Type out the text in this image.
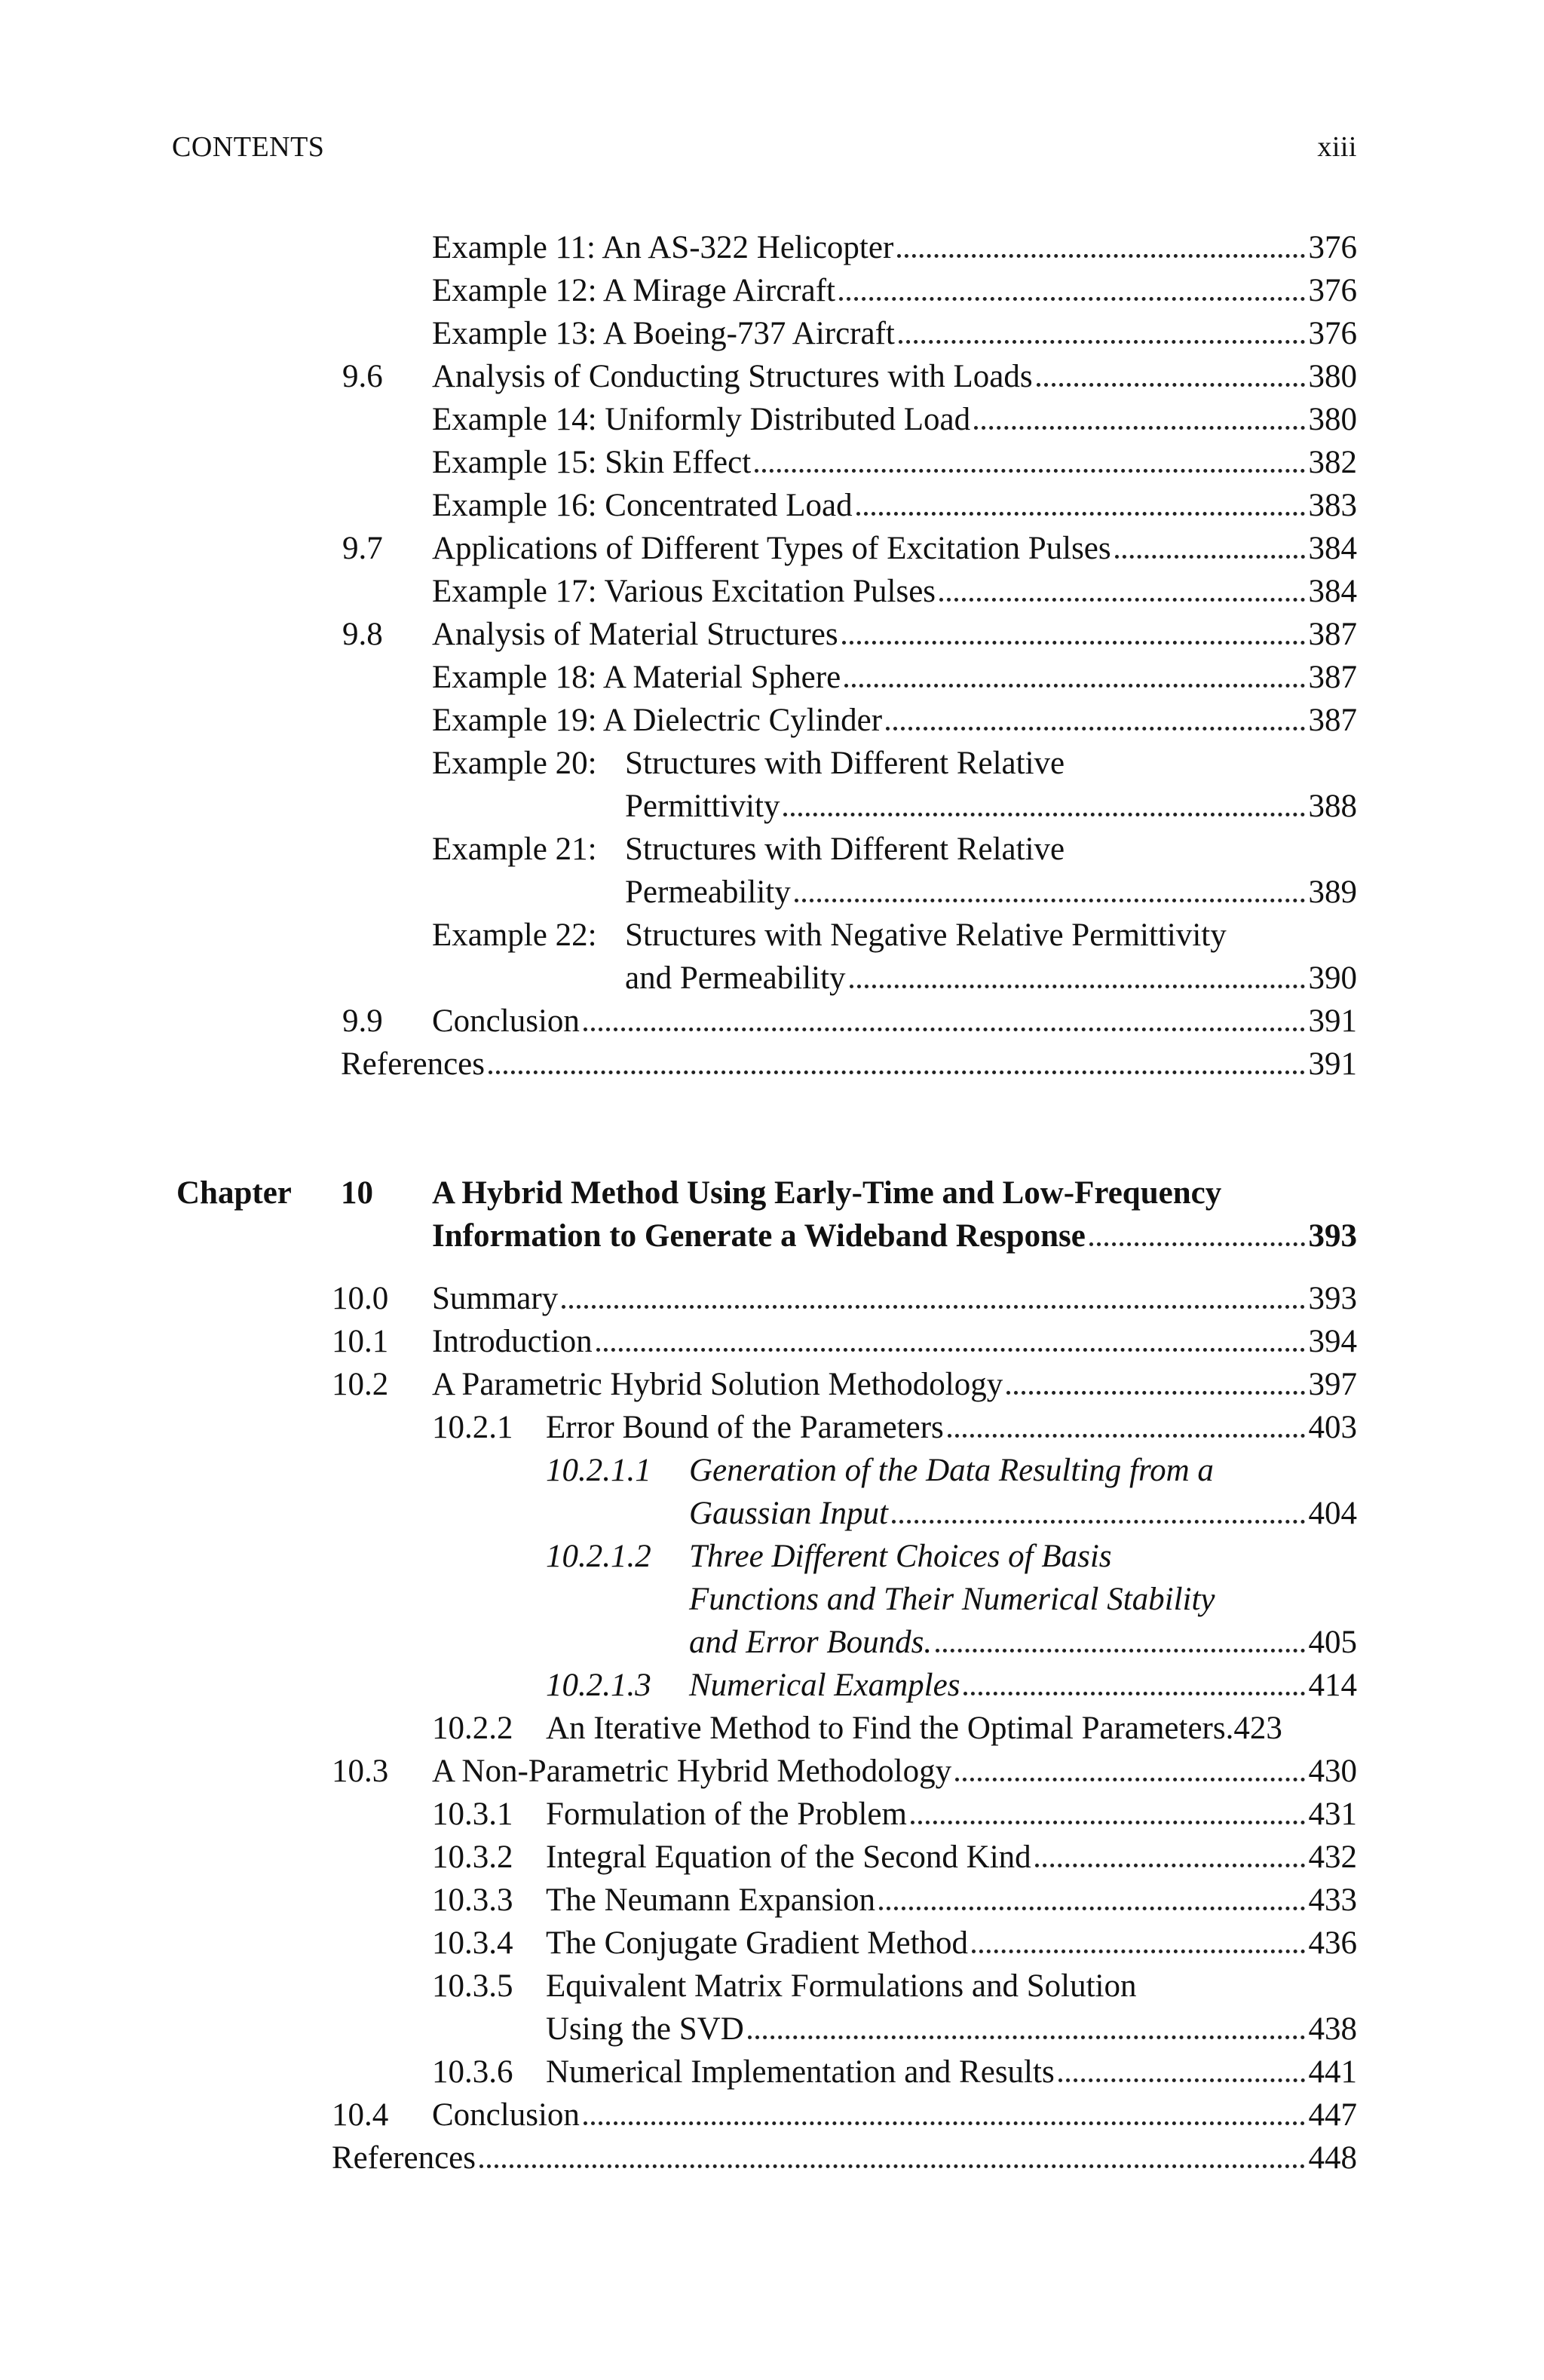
CONTENTS	xiii
Example 11: An AS-322 Helicopter	376
Example 12: A Mirage Aircraft	376
Example 13: A Boeing-737 Aircraft	376
9.6 Analysis of Conducting Structures with Loads	380
Example 14: Uniformly Distributed Load	380
Example 15: Skin Effect	382
Example 16: Concentrated Load	383
9.7 Applications of Different Types of Excitation Pulses	384
Example 17: Various Excitation Pulses	384
9.8 Analysis of Material Structures	387
Example 18: A Material Sphere	387
Example 19: A Dielectric Cylinder	387
Example 20: Structures with Different Relative
Permittivity	388
Example 21: Structures with Different Relative
Permeability	389
Example 22: Structures with Negative Relative Permittivity
and Permeability	390
9.9 Conclusion	391
References	391
Chapter 10 A Hybrid Method Using Early-Time and Low-Frequency
Information to Generate a Wideband Response	393
10.0 Summary	393
10.1 Introduction	394
10.2 A Parametric Hybrid Solution Methodology	397
10.2.1 Error Bound of the Parameters	403
10.2.1.1 Generation of the Data Resulting from a
Gaussian Input	404
10.2.1.2 Three Different Choices of Basis
Functions and Their Numerical Stability
and Error Bounds.	405
10.2.1.3 Numerical Examples	414
10.2.2 An Iterative Method to Find the Optimal Parameters. 423
10.3 A Non-Parametric Hybrid Methodology	430
10.3.1 Formulation of the Problem	431
10.3.2 Integral Equation of the Second Kind	432
10.3.3 The Neumann Expansion	433
10.3.4 The Conjugate Gradient Method	436
10.3.5 Equivalent Matrix Formulations and Solution
Using the SVD	438
10.3.6 Numerical Implementation and Results	441
10.4 Conclusion	447
References	448
